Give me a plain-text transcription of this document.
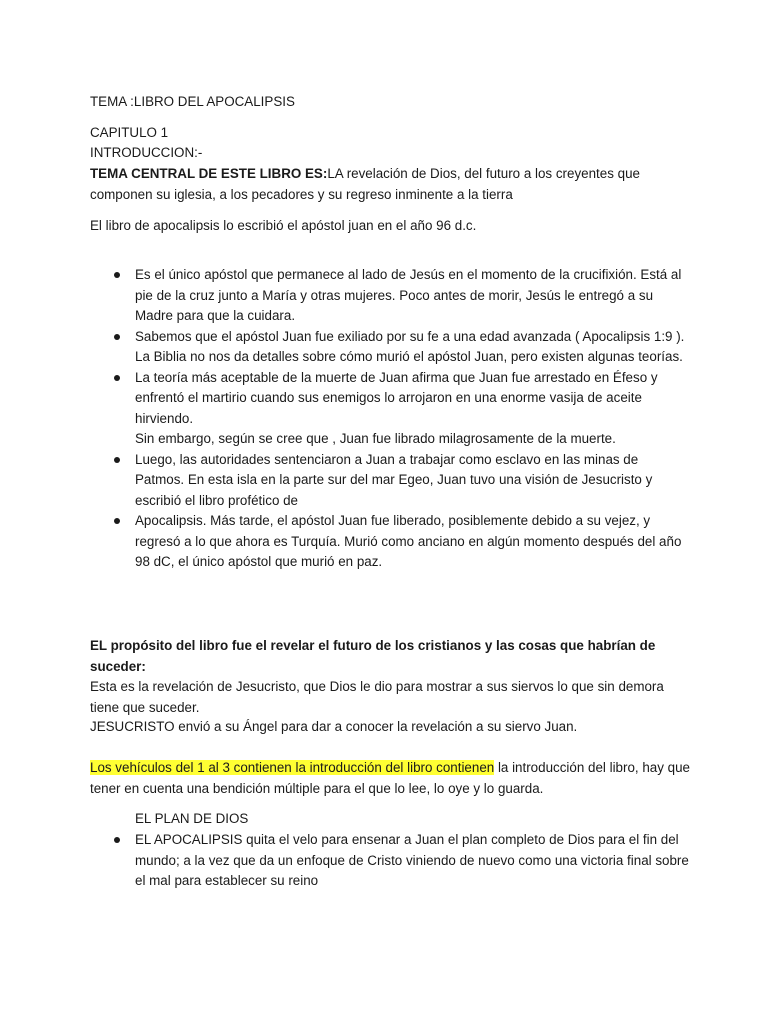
TEMA :LIBRO DEL APOCALIPSIS
CAPITULO 1
INTRODUCCION:-
TEMA CENTRAL DE ESTE LIBRO ES:LA revelación de Dios, del futuro a los creyentes que componen su iglesia, a los pecadores y su regreso inminente a la tierra
El libro de apocalipsis lo escribió el apóstol juan en el año 96 d.c.
Es el único apóstol que permanece al lado de Jesús en el momento de la crucifixión. Está al pie de la cruz junto a María y otras mujeres. Poco antes de morir, Jesús le entregó a su Madre para que la cuidara.
Sabemos que el apóstol Juan fue exiliado por su fe a una edad avanzada ( Apocalipsis 1:9 ). La Biblia no nos da detalles sobre cómo murió el apóstol Juan, pero existen algunas teorías.
La teoría más aceptable de la muerte de Juan afirma que Juan fue arrestado en Éfeso y enfrentó el martirio cuando sus enemigos lo arrojaron en una enorme vasija de aceite hirviendo.
Sin embargo, según se cree que , Juan fue librado milagrosamente de la muerte.
Luego, las autoridades sentenciaron a Juan a trabajar como esclavo en las minas de Patmos. En esta isla en la parte sur del mar Egeo, Juan tuvo una visión de Jesucristo y escribió el libro profético de
Apocalipsis. Más tarde, el apóstol Juan fue liberado, posiblemente debido a su vejez, y regresó a lo que ahora es Turquía. Murió como anciano en algún momento después del año 98 dC, el único apóstol que murió en paz.
EL propósito del libro fue el revelar el futuro de los cristianos y las cosas que habrían de suceder:
Esta es la revelación de Jesucristo, que Dios le dio para mostrar a sus siervos lo que sin demora tiene que suceder.
JESUCRISTO envió a su Ángel para dar a conocer la revelación a su siervo Juan.
Los vehículos del 1 al 3 contienen la introducción del libro contienen la introducción del libro, hay que tener en cuenta una bendición múltiple para el que lo lee, lo oye y lo guarda.
EL PLAN DE DIOS
EL APOCALIPSIS quita el velo para ensenar a Juan el plan completo de Dios para el fin del mundo; a la vez que da un enfoque de Cristo viniendo de nuevo como una victoria final sobre el mal para establecer su reino
